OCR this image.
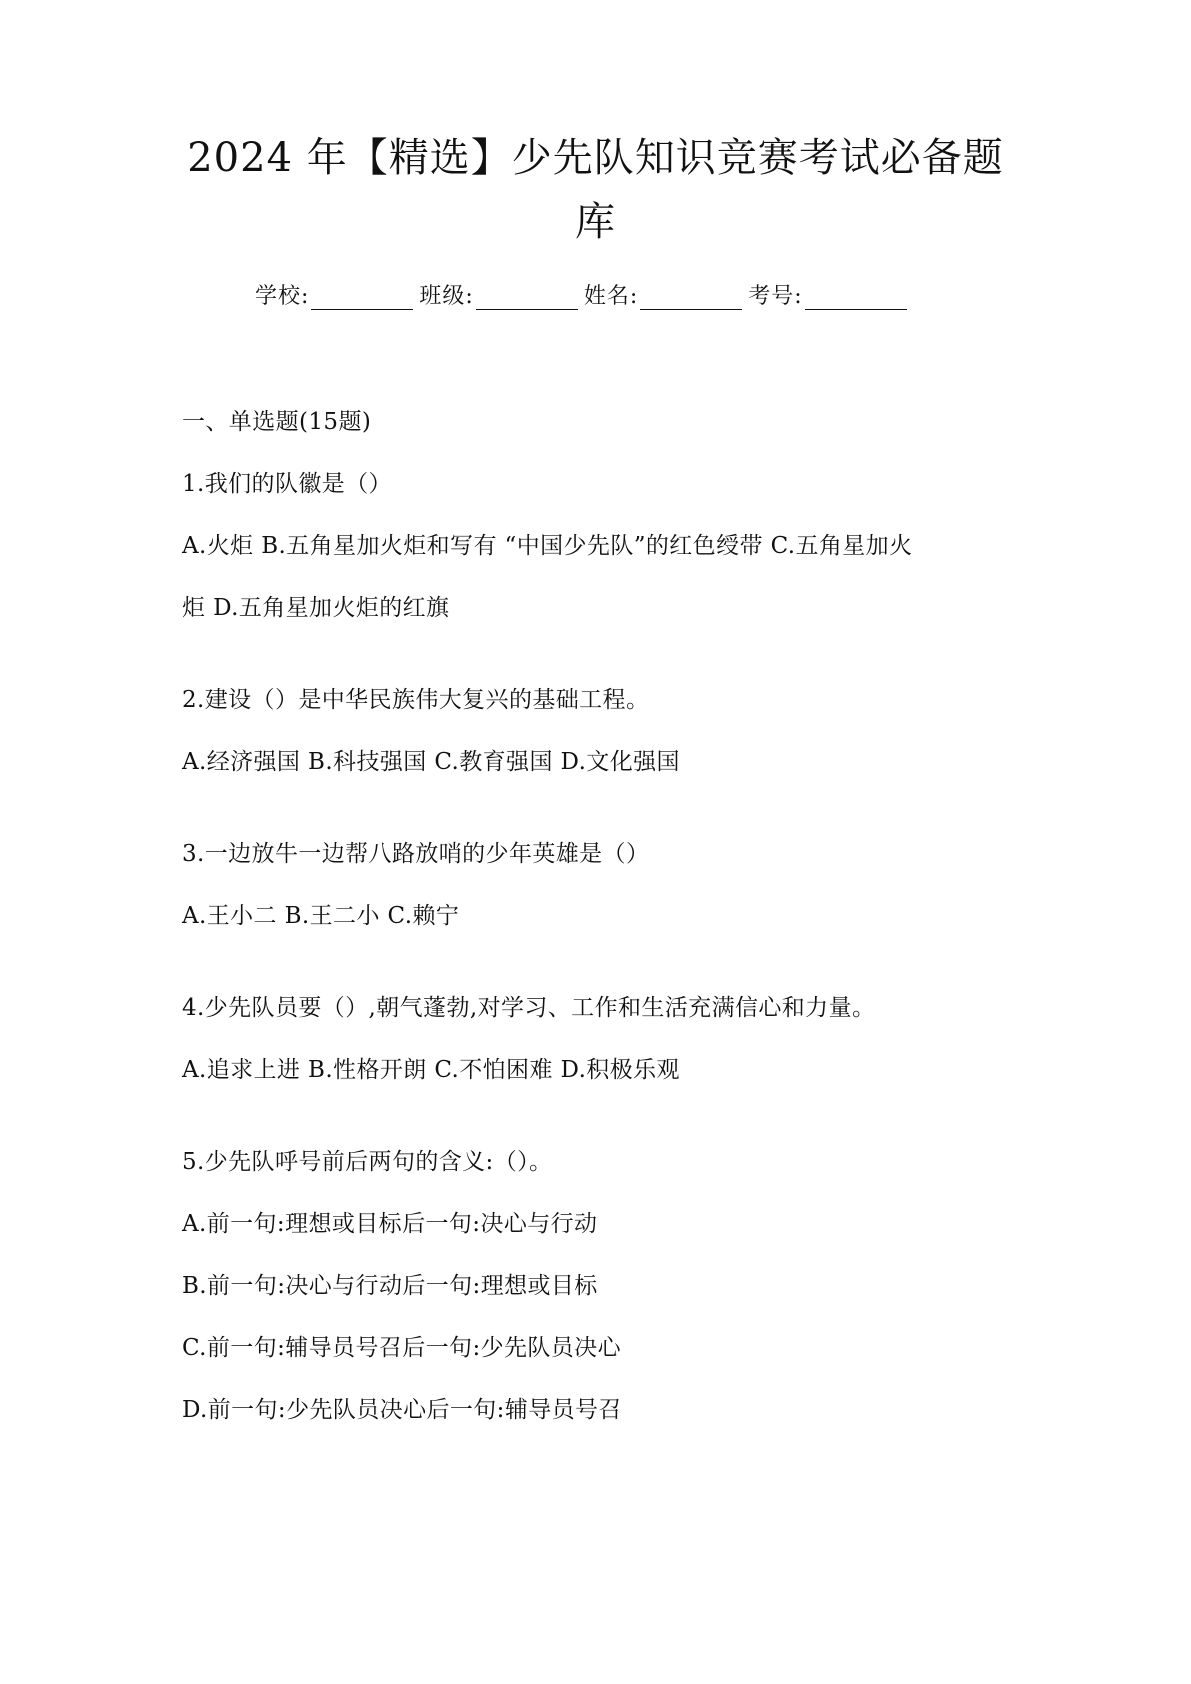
2024 年【精选】少先队知识竞赛考试必备题
库
学校:	班级:	姓名:	考号:
一、单选题(15题)
1.我们的队徽是（）
A.火炬 B.五角星加火炬和写有 “中国少先队”的红色绶带 C.五角星加火
炬 D.五角星加火炬的红旗
2.建设（）是中华民族伟大复兴的基础工程。
A.经济强国 B.科技强国 C.教育强国 D.文化强国
3.一边放牛一边帮八路放哨的少年英雄是（）
A.王小二 B.王二小 C.赖宁
4.少先队员要（）,朝气蓬勃,对学习、工作和生活充满信心和力量。
A.追求上进 B.性格开朗 C.不怕困难 D.积极乐观
5.少先队呼号前后两句的含义:（）。
A.前一句:理想或目标后一句:决心与行动
B.前一句:决心与行动后一句:理想或目标
C.前一句:辅导员号召后一句:少先队员决心
D.前一句:少先队员决心后一句:辅导员号召
